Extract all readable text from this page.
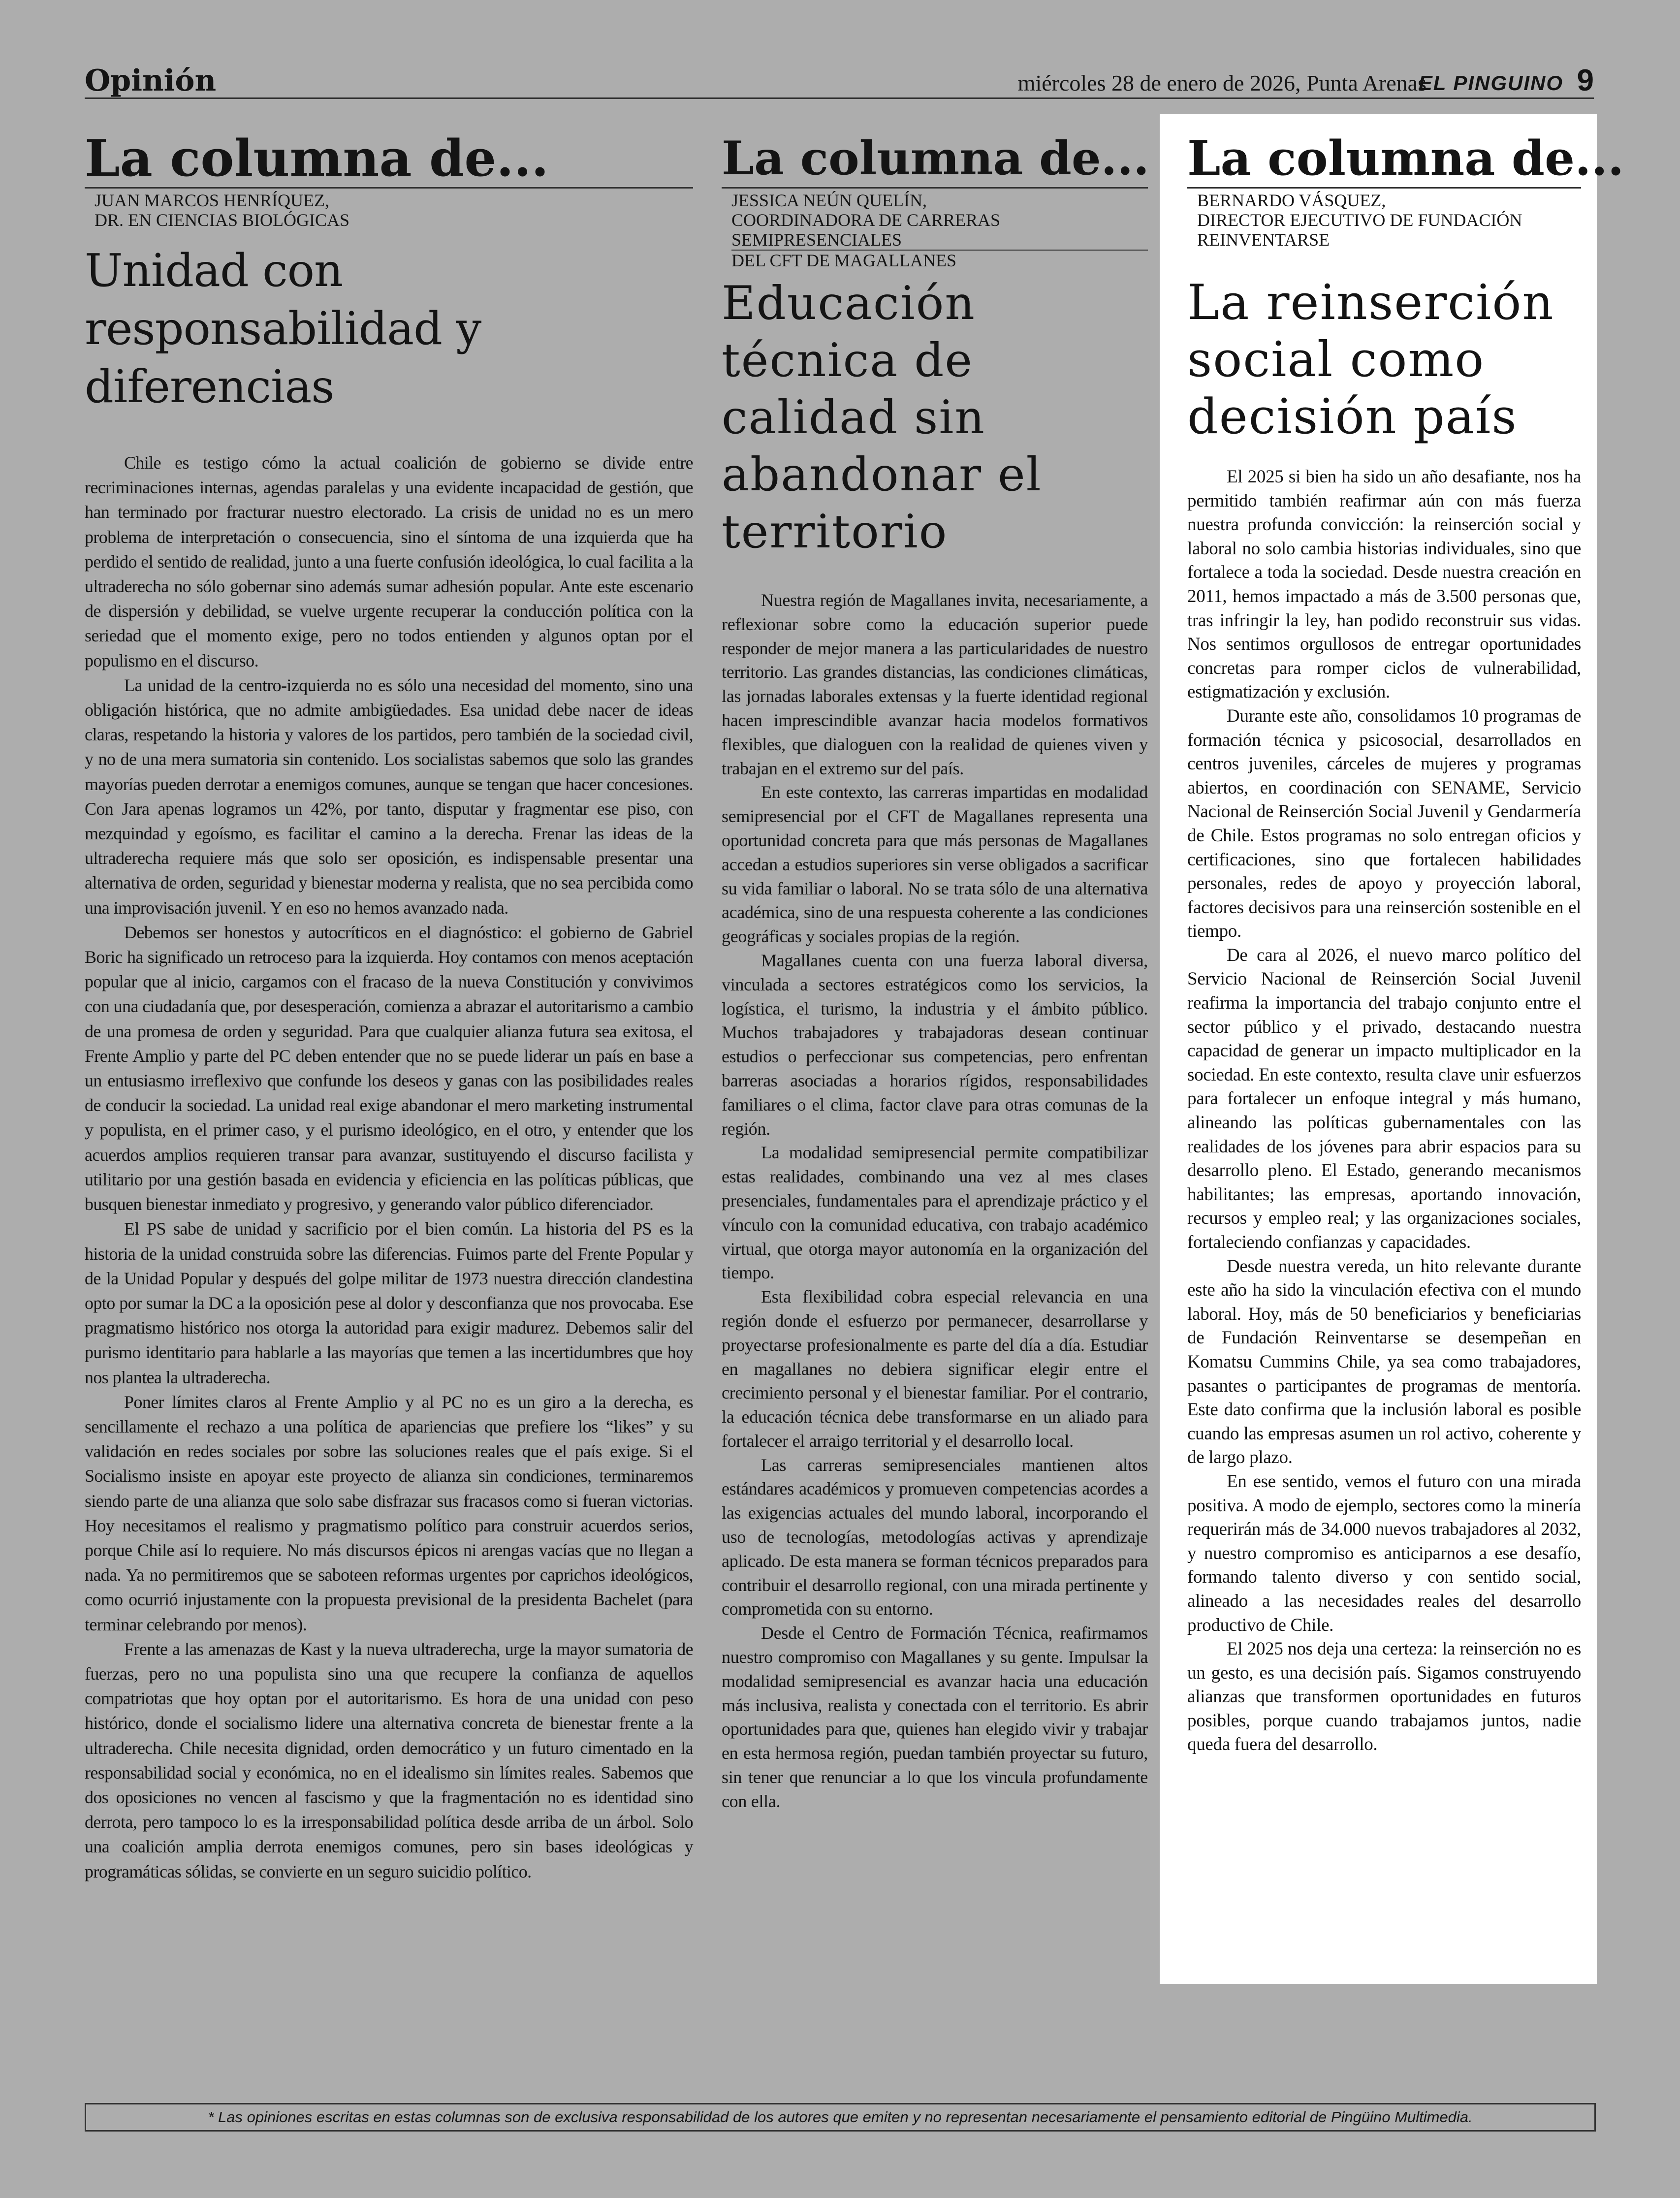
Opinión	miércoles 28 de enero de 2026, Punta Arenas
EL PINGUINO 9
La columna de...
JUAN MARCOS HENRÍQUEZ,
DR. EN CIENCIAS BIOLÓGICAS
Unidad con responsabilidad y diferencias

Chile es testigo cómo la actual coalición de gobierno se divide entre recriminaciones internas, agendas paralelas y una evidente incapacidad de gestión, que han terminado por fracturar nuestro electorado. La crisis de unidad no es un mero problema de interpretación o consecuencia, sino el síntoma de una izquierda que ha perdido el sentido de realidad, junto a una fuerte confusión ideológica, lo cual facilita a la ultraderecha no sólo gobernar sino además sumar adhesión popular. Ante este escenario de dispersión y debilidad, se vuelve urgente recuperar la conducción política con la seriedad que el momento exige, pero no todos entienden y algunos optan por el populismo en el discurso.

La unidad de la centro-izquierda no es sólo una necesidad del momento, sino una obligación histórica, que no admite ambigüedades. Esa unidad debe nacer de ideas claras, respetando la historia y valores de los partidos, pero también de la sociedad civil, y no de una mera sumatoria sin contenido. Los socialistas sabemos que solo las grandes mayorías pueden derrotar a enemigos comunes, aunque se tengan que hacer concesiones. Con Jara apenas logramos un 42%, por tanto, disputar y fragmentar ese piso, con mezquindad y egoísmo, es facilitar el camino a la derecha. Frenar las ideas de la ultraderecha requiere más que solo ser oposición, es indispensable presentar una alternativa de orden, seguridad y bienestar moderna y realista, que no sea percibida como una improvisación juvenil. Y en eso no hemos avanzado nada.

Debemos ser honestos y autocríticos en el diagnóstico: el gobierno de Gabriel Boric ha significado un retroceso para la izquierda. Hoy contamos con menos aceptación popular que al inicio, cargamos con el fracaso de la nueva Constitución y convivimos con una ciudadanía que, por desesperación, comienza a abrazar el autoritarismo a cambio de una promesa de orden y seguridad. Para que cualquier alianza futura sea exitosa, el Frente Amplio y parte del PC deben entender que no se puede liderar un país en base a un entusiasmo irreflexivo que confunde los deseos y ganas con las posibilidades reales de conducir la sociedad. La unidad real exige abandonar el mero marketing instrumental y populista, en el primer caso, y el purismo ideológico, en el otro, y entender que los acuerdos amplios requieren transar para avanzar, sustituyendo el discurso facilista y utilitario por una gestión basada en evidencia y eficiencia en las políticas públicas, que busquen bienestar inmediato y progresivo, y generando valor público diferenciador.

El PS sabe de unidad y sacrificio por el bien común. La historia del PS es la historia de la unidad construida sobre las diferencias. Fuimos parte del Frente Popular y de la Unidad Popular y después del golpe militar de 1973 nuestra dirección clandestina opto por sumar la DC a la oposición pese al dolor y desconfianza que nos provocaba. Ese pragmatismo histórico nos otorga la autoridad para exigir madurez. Debemos salir del purismo identitario para hablarle a las mayorías que temen a las incertidumbres que hoy nos plantea la ultraderecha.

Poner límites claros al Frente Amplio y al PC no es un giro a la derecha, es sencillamente el rechazo a una política de apariencias que prefiere los “likes” y su validación en redes sociales por sobre las soluciones reales que el país exige. Si el Socialismo insiste en apoyar este proyecto de alianza sin condiciones, terminaremos siendo parte de una alianza que solo sabe disfrazar sus fracasos como si fueran victorias. Hoy necesitamos el realismo y pragmatismo político para construir acuerdos serios, porque Chile así lo requiere. No más discursos épicos ni arengas vacías que no llegan a nada. Ya no permitiremos que se saboteen reformas urgentes por caprichos ideológicos, como ocurrió injustamente con la propuesta previsional de la presidenta Bachelet (para terminar celebrando por menos).

Frente a las amenazas de Kast y la nueva ultraderecha, urge la mayor sumatoria de fuerzas, pero no una populista sino una que recupere la confianza de aquellos compatriotas que hoy optan por el autoritarismo. Es hora de una unidad con peso histórico, donde el socialismo lidere una alternativa concreta de bienestar frente a la ultraderecha. Chile necesita dignidad, orden democrático y un futuro cimentado en la responsabilidad social y económica, no en el idealismo sin límites reales. Sabemos que dos oposiciones no vencen al fascismo y que la fragmentación no es identidad sino derrota, pero tampoco lo es la irresponsabilidad política desde arriba de un árbol. Solo una coalición amplia derrota enemigos comunes, pero sin bases ideológicas y programáticas sólidas, se convierte en un seguro suicidio político.

La columna de...
JESSICA NEÚN QUELÍN,
COORDINADORA DE CARRERAS
SEMIPRESENCIALES
DEL CFT DE MAGALLANES
Educación técnica de calidad sin abandonar el territorio

Nuestra región de Magallanes invita, necesariamente, a reflexionar sobre como la educación superior puede responder de mejor manera a las particularidades de nuestro territorio. Las grandes distancias, las condiciones climáticas, las jornadas laborales extensas y la fuerte identidad regional hacen imprescindible avanzar hacia modelos formativos flexibles, que dialoguen con la realidad de quienes viven y trabajan en el extremo sur del país.

En este contexto, las carreras impartidas en modalidad semipresencial por el CFT de Magallanes representa una oportunidad concreta para que más personas de Magallanes accedan a estudios superiores sin verse obligados a sacrificar su vida familiar o laboral. No se trata sólo de una alternativa académica, sino de una respuesta coherente a las condiciones geográficas y sociales propias de la región.

Magallanes cuenta con una fuerza laboral diversa, vinculada a sectores estratégicos como los servicios, la logística, el turismo, la industria y el ámbito público. Muchos trabajadores y trabajadoras desean continuar estudios o perfeccionar sus competencias, pero enfrentan barreras asociadas a horarios rígidos, responsabilidades familiares o el clima, factor clave para otras comunas de la región.

La modalidad semipresencial permite compatibilizar estas realidades, combinando una vez al mes clases presenciales, fundamentales para el aprendizaje práctico y el vínculo con la comunidad educativa, con trabajo académico virtual, que otorga mayor autonomía en la organización del tiempo.

Esta flexibilidad cobra especial relevancia en una región donde el esfuerzo por permanecer, desarrollarse y proyectarse profesionalmente es parte del día a día. Estudiar en magallanes no debiera significar elegir entre el crecimiento personal y el bienestar familiar. Por el contrario, la educación técnica debe transformarse en un aliado para fortalecer el arraigo territorial y el desarrollo local.

Las carreras semipresenciales mantienen altos estándares académicos y promueven competencias acordes a las exigencias actuales del mundo laboral, incorporando el uso de tecnologías, metodologías activas y aprendizaje aplicado. De esta manera se forman técnicos preparados para contribuir el desarrollo regional, con una mirada pertinente y comprometida con su entorno.

Desde el Centro de Formación Técnica, reafirmamos nuestro compromiso con Magallanes y su gente. Impulsar la modalidad semipresencial es avanzar hacia una educación más inclusiva, realista y conectada con el territorio. Es abrir oportunidades para que, quienes han elegido vivir y trabajar en esta hermosa región, puedan también proyectar su futuro, sin tener que renunciar a lo que los vincula profundamente con ella.

La columna de...
BERNARDO VÁSQUEZ,
DIRECTOR EJECUTIVO DE FUNDACIÓN
REINVENTARSE
La reinserción social como decisión país

El 2025 si bien ha sido un año desafiante, nos ha permitido también reafirmar aún con más fuerza nuestra profunda convicción: la reinserción social y laboral no solo cambia historias individuales, sino que fortalece a toda la sociedad. Desde nuestra creación en 2011, hemos impactado a más de 3.500 personas que, tras infringir la ley, han podido reconstruir sus vidas. Nos sentimos orgullosos de entregar oportunidades concretas para romper ciclos de vulnerabilidad, estigmatización y exclusión.

Durante este año, consolidamos 10 programas de formación técnica y psicosocial, desarrollados en centros juveniles, cárceles de mujeres y programas abiertos, en coordinación con SENAME, Servicio Nacional de Reinserción Social Juvenil y Gendarmería de Chile. Estos programas no solo entregan oficios y certificaciones, sino que fortalecen habilidades personales, redes de apoyo y proyección laboral, factores decisivos para una reinserción sostenible en el tiempo.

De cara al 2026, el nuevo marco político del Servicio Nacional de Reinserción Social Juvenil reafirma la importancia del trabajo conjunto entre el sector público y el privado, destacando nuestra capacidad de generar un impacto multiplicador en la sociedad. En este contexto, resulta clave unir esfuerzos para fortalecer un enfoque integral y más humano, alineando las políticas gubernamentales con las realidades de los jóvenes para abrir espacios para su desarrollo pleno. El Estado, generando mecanismos habilitantes; las empresas, aportando innovación, recursos y empleo real; y las organizaciones sociales, fortaleciendo confianzas y capacidades.

Desde nuestra vereda, un hito relevante durante este año ha sido la vinculación efectiva con el mundo laboral. Hoy, más de 50 beneficiarios y beneficiarias de Fundación Reinventarse se desempeñan en Komatsu Cummins Chile, ya sea como trabajadores, pasantes o participantes de programas de mentoría. Este dato confirma que la inclusión laboral es posible cuando las empresas asumen un rol activo, coherente y de largo plazo.

En ese sentido, vemos el futuro con una mirada positiva. A modo de ejemplo, sectores como la minería requerirán más de 34.000 nuevos trabajadores al 2032, y nuestro compromiso es anticiparnos a ese desafío, formando talento diverso y con sentido social, alineado a las necesidades reales del desarrollo productivo de Chile.

El 2025 nos deja una certeza: la reinserción no es un gesto, es una decisión país. Sigamos construyendo alianzas que transformen oportunidades en futuros posibles, porque cuando trabajamos juntos, nadie queda fuera del desarrollo.

* Las opiniones escritas en estas columnas son de exclusiva responsabilidad de los autores que emiten y no representan necesariamente el pensamiento editorial de Pingüino Multimedia.
